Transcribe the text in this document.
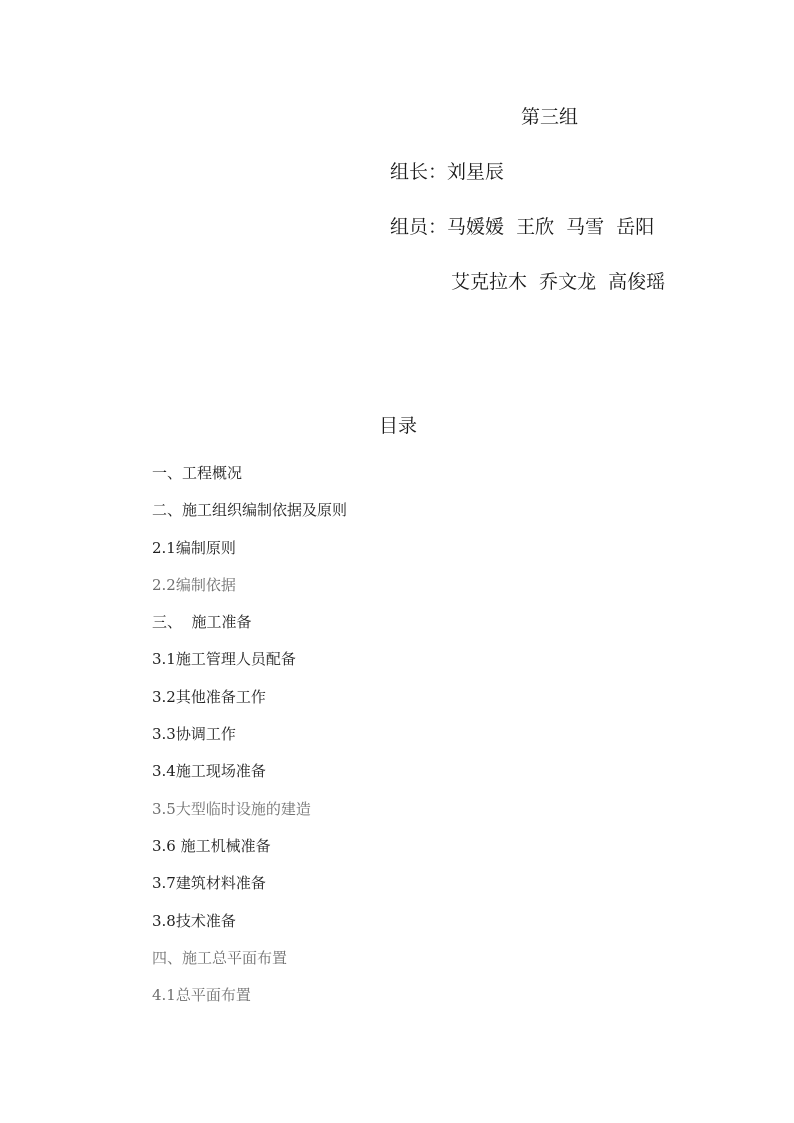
第三组
组长：刘星辰
组员：马媛媛  王欣  马雪  岳阳
艾克拉木  乔文龙  高俊瑶
目录
一、工程概况
二、施工组织编制依据及原则
2.1编制原则
2.2编制依据
三、  施工准备
3.1施工管理人员配备
3.2其他准备工作
3.3协调工作
3.4施工现场准备
3.5大型临时设施的建造
3.6 施工机械准备
3.7建筑材料准备
3.8技术准备
四、施工总平面布置
4.1总平面布置
